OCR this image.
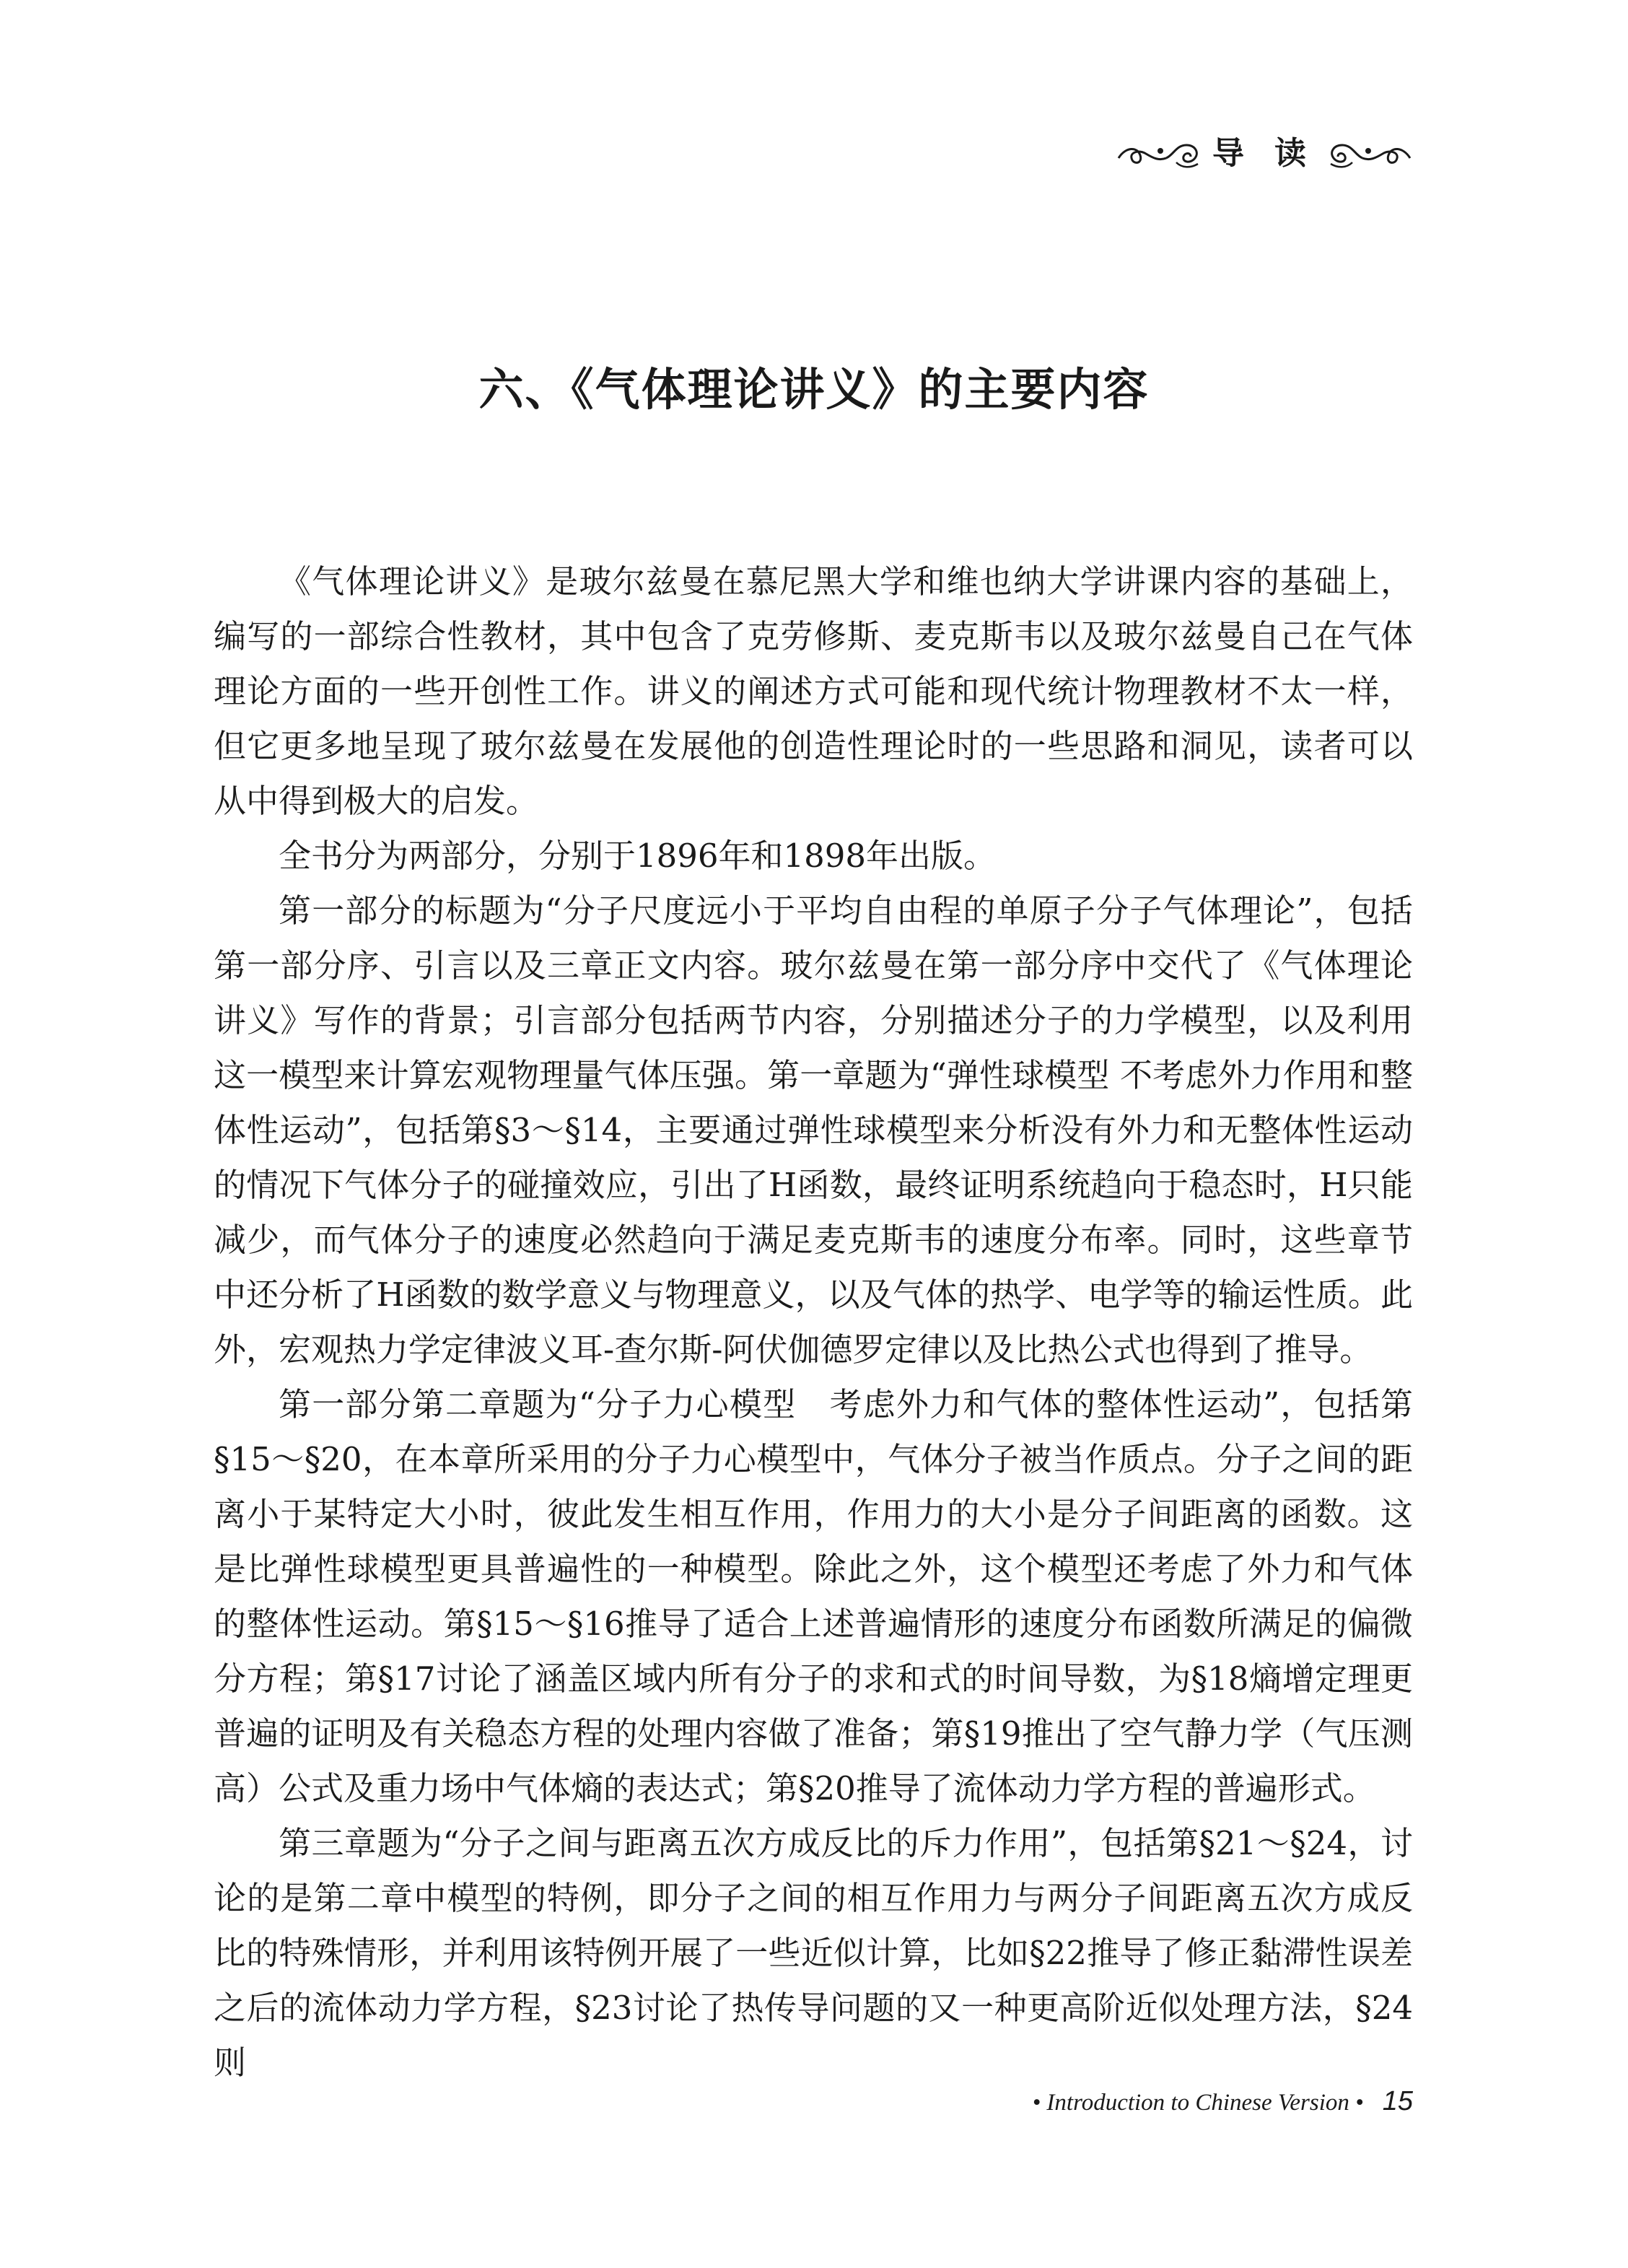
导读
六、《气体理论讲义》的主要内容

《气体理论讲义》是玻尔兹曼在慕尼黑大学和维也纳大学讲课内容的基础上，编写的一部综合性教材，其中包含了克劳修斯、麦克斯韦以及玻尔兹曼自己在气体理论方面的一些开创性工作。讲义的阐述方式可能和现代统计物理教材不太一样，但它更多地呈现了玻尔兹曼在发展他的创造性理论时的一些思路和洞见，读者可以从中得到极大的启发。

全书分为两部分，分别于1896年和1898年出版。

第一部分的标题为“分子尺度远小于平均自由程的单原子分子气体理论”，包括第一部分序、引言以及三章正文内容。玻尔兹曼在第一部分序中交代了《气体理论讲义》写作的背景；引言部分包括两节内容，分别描述分子的力学模型，以及利用这一模型来计算宏观物理量气体压强。第一章题为“弹性球模型 不考虑外力作用和整体性运动”，包括第§3～§14，主要通过弹性球模型来分析没有外力和无整体性运动的情况下气体分子的碰撞效应，引出了H函数，最终证明系统趋向于稳态时，H只能减少，而气体分子的速度必然趋向于满足麦克斯韦的速度分布率。同时，这些章节中还分析了H函数的数学意义与物理意义，以及气体的热学、电学等的输运性质。此外，宏观热力学定律波义耳-查尔斯-阿伏伽德罗定律以及比热公式也得到了推导。

第一部分第二章题为“分子力心模型　考虑外力和气体的整体性运动”，包括第§15～§20，在本章所采用的分子力心模型中，气体分子被当作质点。分子之间的距离小于某特定大小时，彼此发生相互作用，作用力的大小是分子间距离的函数。这是比弹性球模型更具普遍性的一种模型。除此之外，这个模型还考虑了外力和气体的整体性运动。第§15～§16推导了适合上述普遍情形的速度分布函数所满足的偏微分方程；第§17讨论了涵盖区域内所有分子的求和式的时间导数，为§18熵增定理更普遍的证明及有关稳态方程的处理内容做了准备；第§19推出了空气静力学（气压测高）公式及重力场中气体熵的表达式；第§20推导了流体动力学方程的普遍形式。

第三章题为“分子之间与距离五次方成反比的斥力作用”，包括第§21～§24，讨论的是第二章中模型的特例，即分子之间的相互作用力与两分子间距离五次方成反比的特殊情形，并利用该特例开展了一些近似计算，比如§22推导了修正黏滞性误差之后的流体动力学方程，§23讨论了热传导问题的又一种更高阶近似处理方法，§24则

• Introduction to Chinese Version • 15
